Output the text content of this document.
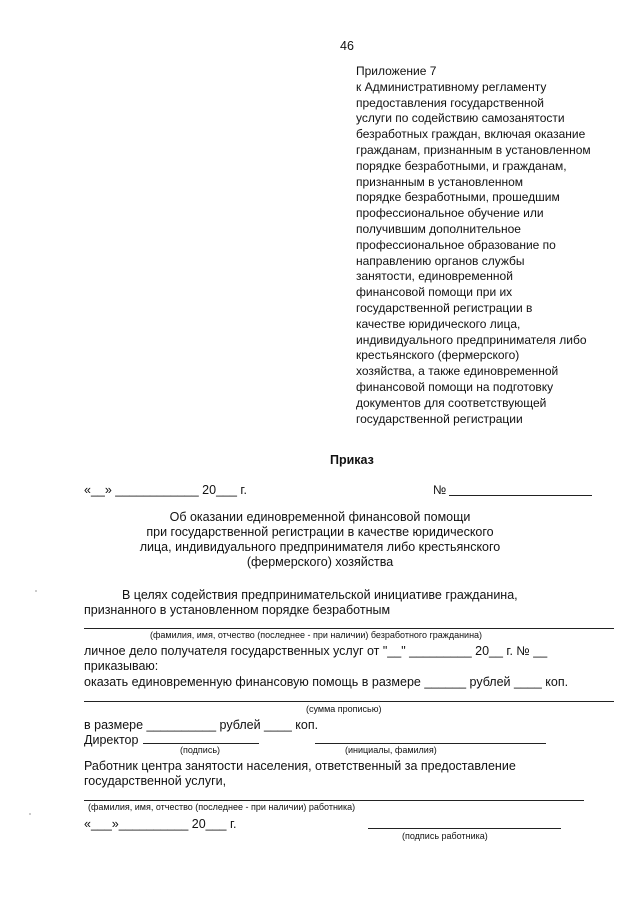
46
Приложение 7
к Административному регламенту
предоставления государственной
услуги по содействию самозанятости
безработных граждан, включая оказание
гражданам, признанным в установленном
порядке безработными, и гражданам,
признанным в установленном
порядке безработными, прошедшим
профессиональное обучение или
получившим дополнительное
профессиональное образование по
направлению органов службы
занятости, единовременной
финансовой помощи при их
государственной регистрации в
качестве юридического лица,
индивидуального предпринимателя либо
крестьянского (фермерского)
хозяйства, а также единовременной
финансовой помощи на подготовку
документов для соответствующей
государственной регистрации
Приказ
«__» ____________ 20___ г.	№
Об оказании единовременной финансовой помощи
при государственной регистрации в качестве юридического
лица, индивидуального предпринимателя либо крестьянского
(фермерского) хозяйства
В целях содействия предпринимательской инициативе гражданина,
признанного в установленном порядке безработным
(фамилия, имя, отчество (последнее - при наличии) безработного гражданина)
личное дело получателя государственных услуг от "__" _________ 20__ г. № __
приказываю:
оказать единовременную финансовую помощь в размере ______ рублей ____ коп.
(сумма прописью)
в размере __________ рублей ____ коп.
Директор
(подпись)	(инициалы, фамилия)
Работник центра занятости населения, ответственный за предоставление
государственной услуги,
(фамилия, имя, отчество (последнее - при наличии) работника)
«___»__________ 20___ г.
(подпись работника)
